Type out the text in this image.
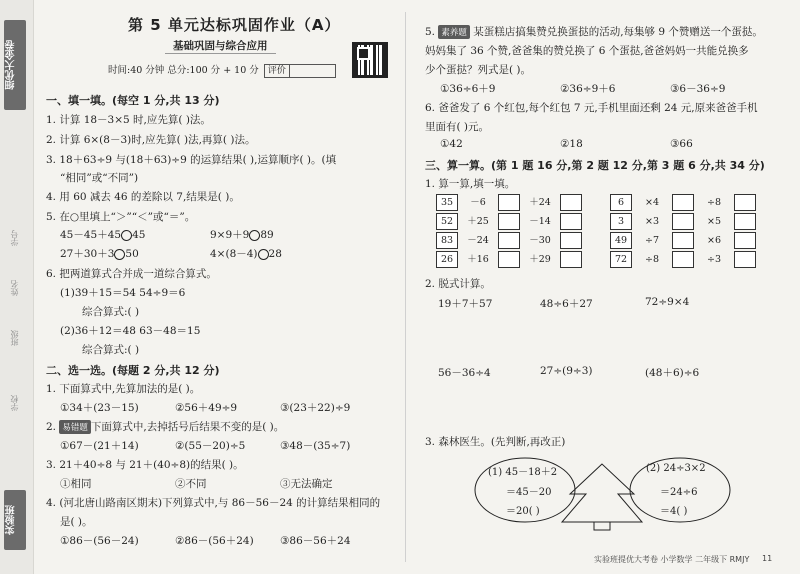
细优大金卷
学号
姓名
班级
学校
实验班
第 5 单元达标巩固作业（A）
基础巩固与综合应用
时间:40 分钟 总分:100 分 + 10 分 评价
一、填一填。(每空 1 分,共 13 分)
1. 计算 18－3×5 时,应先算( )法。
2. 计算 6×(8－3)时,应先算( )法,再算( )法。
3. 18＋63÷9 与(18＋63)÷9 的运算结果( ),运算顺序( )。(填
“相同”或“不同”)
4. 用 60 减去 46 的差除以 7,结果是( )。
5. 在○里填上“＞”“＜”或“＝”。
45－45＋45 45	9×9＋9 89
27＋30＋3 50	4×(8－4) 28
6. 把两道算式合并成一道综合算式。
(1)39＋15＝54 54÷9＝6
综合算式:( )
(2)36＋12＝48 63－48＝15
综合算式:( )
二、选一选。(每题 2 分,共 12 分)
1. 下面算式中,先算加法的是( )。
①34＋(23－15)	②56＋49÷9	③(23＋22)÷9
2. 易错题 下面算式中,去掉括号后结果不变的是( )。
①67－(21＋14)	②(55－20)÷5	③48－(35÷7)
3. 21＋40÷8 与 21＋(40÷8)的结果( )。
①相同	②不同	③无法确定
4. (河北唐山路南区期末)下列算式中,与 86－56－24 的计算结果相同的
是( )。
①86－(56－24)	②86－(56＋24)	③86－56＋24
5. 素养题 某蛋糕店搞集赞兑换蛋挞的活动,每集够 9 个赞赠送一个蛋挞。
妈妈集了 36 个赞,爸爸集的赞兑换了 6 个蛋挞,爸爸妈妈一共能兑换多
少个蛋挞？列式是( )。
①36÷6＋9	②36÷9＋6	③6－36÷9
6. 爸爸发了 6 个红包,每个红包 7 元,手机里面还剩 24 元,原来爸爸手机
里面有( )元。
①42	②18	③66
三、算一算。(第 1 题 16 分,第 2 题 12 分,第 3 题 6 分,共 34 分)
1. 算一算,填一填。
35	－6	＋24
52	＋25	－14
83	－24	－30
26	＋16	＋29
6	×4	÷8
3	×3	×5
49	÷7	×6
72	÷8	÷3
2. 脱式计算。
19＋7＋57	48÷6＋27	72÷9×4
56－36÷4	27÷(9÷3)	(48＋6)÷6
3. 森林医生。(先判断,再改正)
(1) 45－18＋2
＝45－20
＝20( )
(2) 24÷3×2
＝24÷6
＝4( )
实验班提优大考卷 小学数学 二年级下 RMJY 11
